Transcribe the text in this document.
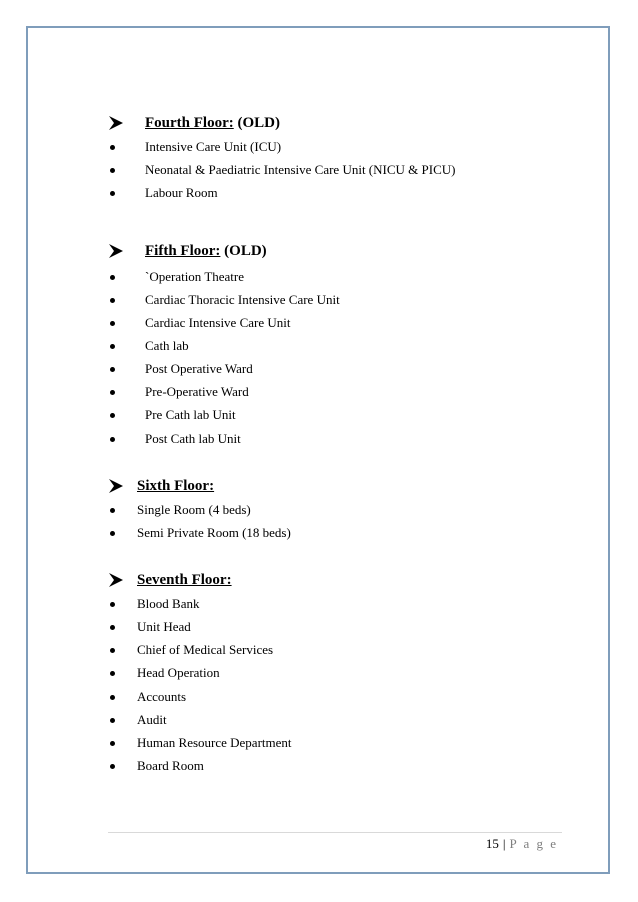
Fourth Floor: (OLD)
Intensive Care Unit (ICU)
Neonatal & Paediatric Intensive Care Unit (NICU & PICU)
Labour Room
Fifth Floor: (OLD)
`Operation Theatre
Cardiac Thoracic Intensive Care Unit
Cardiac Intensive Care Unit
Cath lab
Post Operative Ward
Pre-Operative Ward
Pre Cath lab Unit
Post Cath lab Unit
Sixth Floor:
Single Room (4 beds)
Semi Private Room (18 beds)
Seventh Floor:
Blood Bank
Unit Head
Chief of Medical Services
Head Operation
Accounts
Audit
Human Resource Department
Board Room
15 | P a g e
